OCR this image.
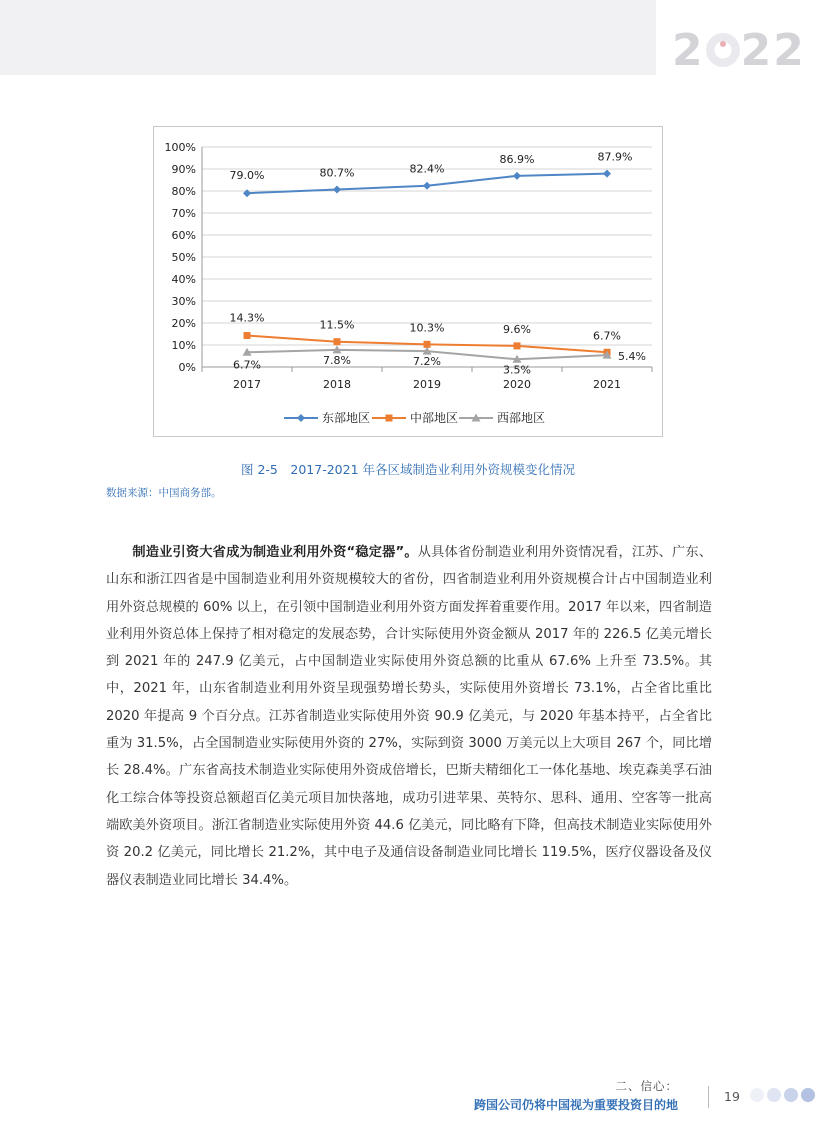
2 22
0%
10%
20%
30%
40%
50%
60%
70%
80%
90%
100%
2017	2018	2019	2020	2021
79.0%	80.7%	82.4%
86.9%	87.9%
14.3%
11.5%	10.3%	9.6%	6.7%
6.7%	7.8%	7.2%
3.5%
5.4%
东部地区	中部地区	西部地区
图 2-5　2017-2021 年各区域制造业利用外资规模变化情况
数据来源：中国商务部。

制造业引资大省成为制造业利用外资“稳定器”。从具体省份制造业利用外资情况看，江苏、广东、山东和浙江四省是中国制造业利用外资规模较大的省份，四省制造业利用外资规模合计占中国制造业利用外资总规模的 60% 以上，在引领中国制造业利用外资方面发挥着重要作用。2017 年以来，四省制造业利用外资总体上保持了相对稳定的发展态势，合计实际使用外资金额从 2017 年的 226.5 亿美元增长到 2021 年的 247.9 亿美元，占中国制造业实际使用外资总额的比重从 67.6% 上升至 73.5%。其中，2021 年，山东省制造业利用外资呈现强势增长势头，实际使用外资增长 73.1%，占全省比重比 2020 年提高 9 个百分点。江苏省制造业实际使用外资 90.9 亿美元，与 2020 年基本持平，占全省比重为 31.5%，占全国制造业实际使用外资的 27%，实际到资 3000 万美元以上大项目 267 个，同比增长 28.4%。广东省高技术制造业实际使用外资成倍增长，巴斯夫精细化工一体化基地、埃克森美孚石油化工综合体等投资总额超百亿美元项目加快落地，成功引进苹果、英特尔、思科、通用、空客等一批高端欧美外资项目。浙江省制造业实际使用外资 44.6 亿美元，同比略有下降，但高技术制造业实际使用外资 20.2 亿美元，同比增长 21.2%，其中电子及通信设备制造业同比增长 119.5%，医疗仪器设备及仪器仪表制造业同比增长 34.4%。

二、信心：
跨国公司仍将中国视为重要投资目的地
19
